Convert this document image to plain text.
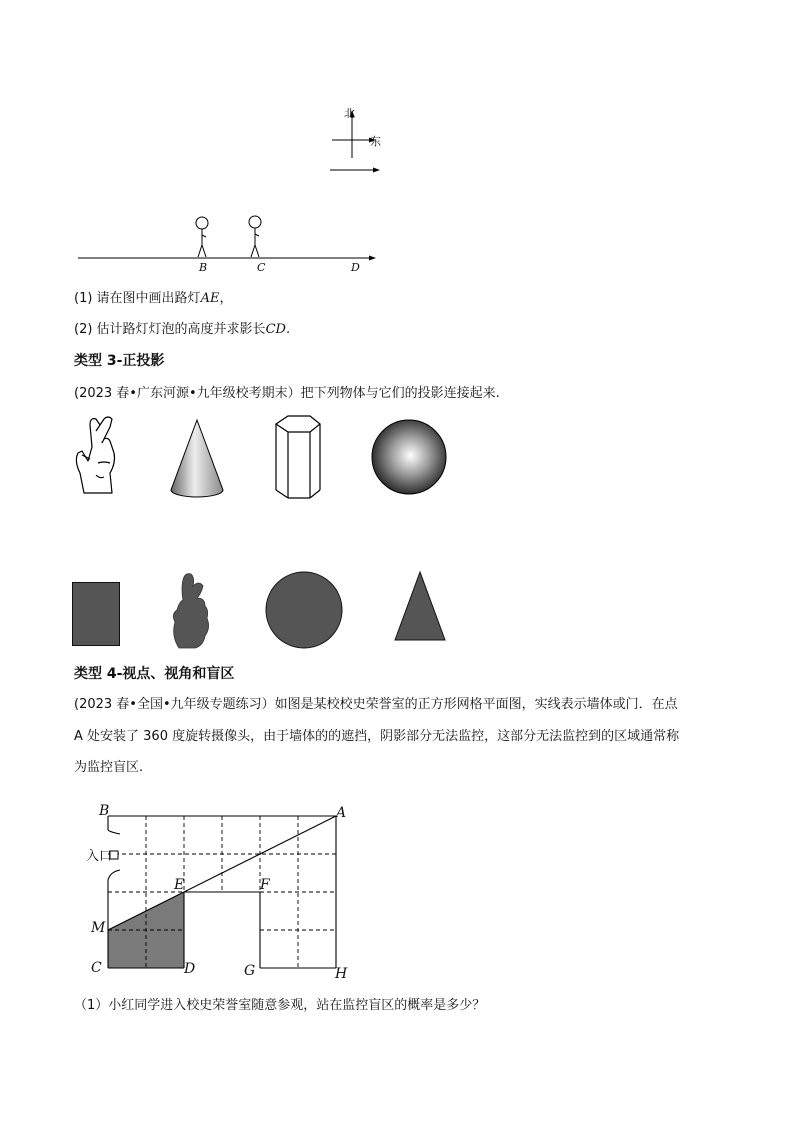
北
东
B	C	D
(1) 请在图中画出路灯AE，
(2) 估计路灯灯泡的高度并求影长CD.
类型 3-正投影
(2023 春•广东河源•九年级校考期末）把下列物体与它们的投影连接起来.
类型 4-视点、视角和盲区
(2023 春•全国•九年级专题练习）如图是某校校史荣誉室的正方形网格平面图，实线表示墙体或门．在点
A 处安装了 360 度旋转摄像头，由于墙体的的遮挡，阴影部分无法监控，这部分无法监控到的区域通常称
为监控盲区.
B	A
入口
E	F
M
C	D	G	H
（1）小红同学进入校史荣誉室随意参观，站在监控盲区的概率是多少？
